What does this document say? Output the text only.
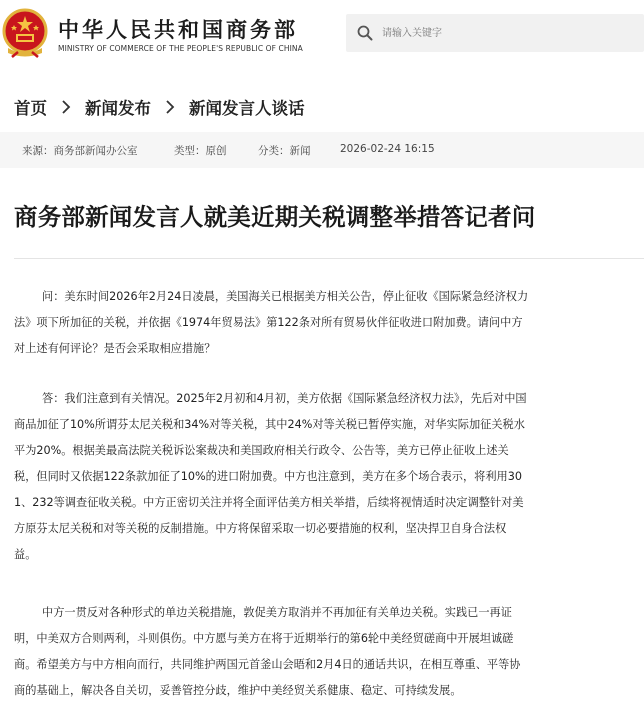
中华人民共和国商务部
MINISTRY OF COMMERCE OF THE PEOPLE'S REPUBLIC OF CHINA
请输入关键字
首页 新闻发布 新闻发言人谈话
来源：商务部新闻办公室	类型：原创	分类：新闻	2026-02-24 16:15
商务部新闻发言人就美近期关税调整举措答记者问
问：美东时间2026年2月24日凌晨，美国海关已根据美方相关公告，停止征收《国际紧急经济权力
法》项下所加征的关税，并依据《1974年贸易法》第122条对所有贸易伙伴征收进口附加费。请问中方
对上述有何评论？是否会采取相应措施？
答：我们注意到有关情况。2025年2月初和4月初，美方依据《国际紧急经济权力法》，先后对中国
商品加征了10%所谓芬太尼关税和34%对等关税，其中24%对等关税已暂停实施，对华实际加征关税水
平为20%。根据美最高法院关税诉讼案裁决和美国政府相关行政令、公告等，美方已停止征收上述关
税，但同时又依据122条款加征了10%的进口附加费。中方也注意到，美方在多个场合表示，将利用30
1、232等调查征收关税。中方正密切关注并将全面评估美方相关举措，后续将视情适时决定调整针对美
方原芬太尼关税和对等关税的反制措施。中方将保留采取一切必要措施的权利，坚决捍卫自身合法权
益。
中方一贯反对各种形式的单边关税措施，敦促美方取消并不再加征有关单边关税。实践已一再证
明，中美双方合则两利，斗则俱伤。中方愿与美方在将于近期举行的第6轮中美经贸磋商中开展坦诚磋
商。希望美方与中方相向而行，共同维护两国元首釜山会晤和2月4日的通话共识，在相互尊重、平等协
商的基础上，解决各自关切，妥善管控分歧，维护中美经贸关系健康、稳定、可持续发展。
